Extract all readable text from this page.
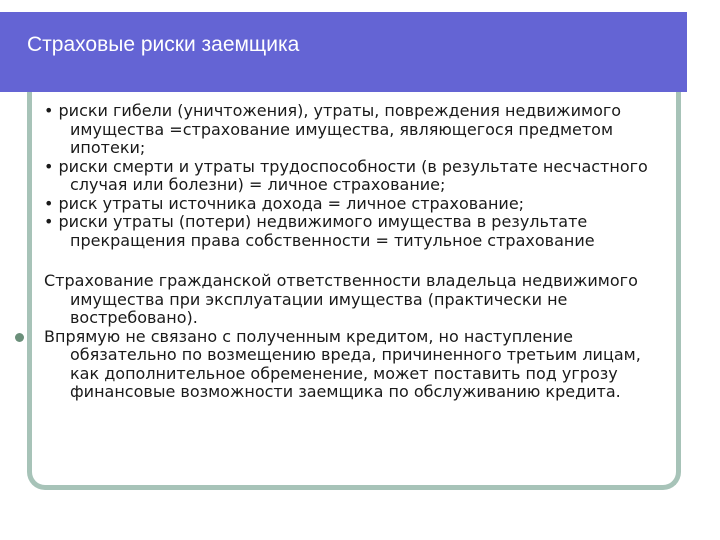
Страховые риски заемщика

• риски гибели (уничтожения), утраты, повреждения недвижимого имущества =страхование имущества, являющегося предметом ипотеки;

• риски смерти и утраты трудоспособности (в результате несчастного случая или болезни) = личное страхование;

• риск утраты источника дохода = личное страхование;

• риски утраты (потери) недвижимого имущества в результате прекращения права собственности = титульное страхование

Страхование гражданской ответственности владельца недвижимого имущества при эксплуатации имущества (практически не востребовано).

Впрямую не связано с полученным кредитом, но наступление обязательно по возмещению вреда, причиненного третьим лицам, как дополнительное обременение, может поставить под угрозу финансовые возможности заемщика по обслуживанию кредита.
